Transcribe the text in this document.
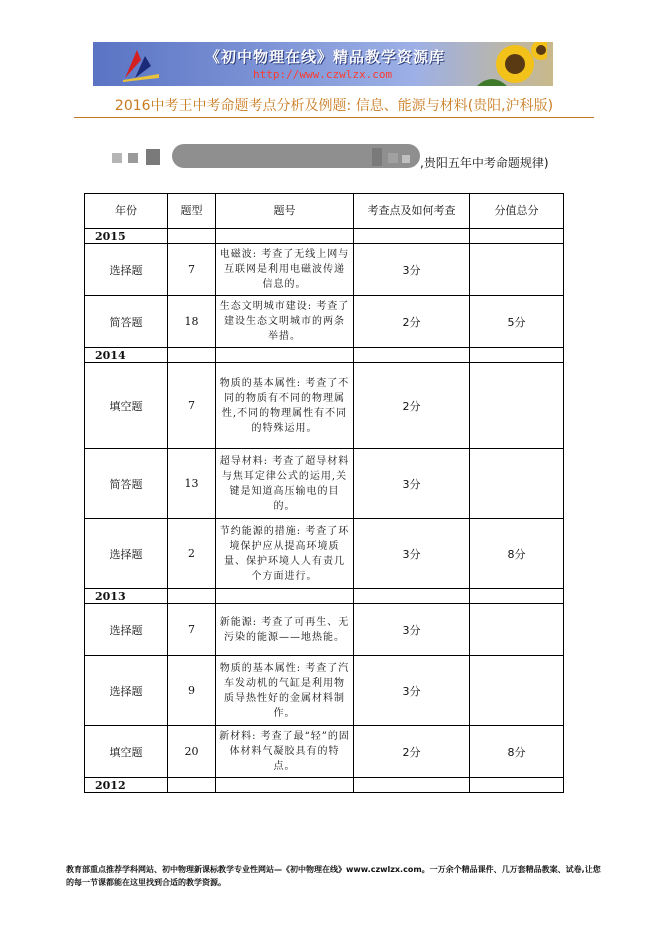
《初中物理在线》精品教学资源库
http://www.czwlzx.com
2016中考王中考命题考点分析及例题: 信息、能源与材料(贵阳,沪科版)
,贵阳五年中考命题规律)
年份	题型	题号	考查点及如何考查	分值总分
2015				
选择题	7	电磁波: 考查了无线上网与互联网是利用电磁波传递信息的。	3分	
简答题	18	生态文明城市建设: 考查了建设生态文明城市的两条举措。	2分	5分
2014				
填空题	7	物质的基本属性: 考查了不同的物质有不同的物理属性,不同的物理属性有不同的特殊运用。	2分	
简答题	13	超导材料: 考查了超导材料与焦耳定律公式的运用,关键是知道高压输电的目的。	3分	
选择题	2	节约能源的措施: 考查了环境保护应从提高环境质量、保护环境人人有责几个方面进行。	3分	8分
2013				
选择题	7	新能源: 考查了可再生、无污染的能源——地热能。	3分	
选择题	9	物质的基本属性: 考查了汽车发动机的气缸是利用物质导热性好的金属材料制作。	3分	
填空题	20	新材料: 考查了最“轻”的固体材料气凝胶具有的特点。	2分	8分
2012				
教育部重点推荐学科网站、初中物理新课标教学专业性网站—《初中物理在线》www.czwlzx.com。一万余个精品课件、几万套精品教案、试卷,让您的每一节课都能在这里找到合适的教学资源。
